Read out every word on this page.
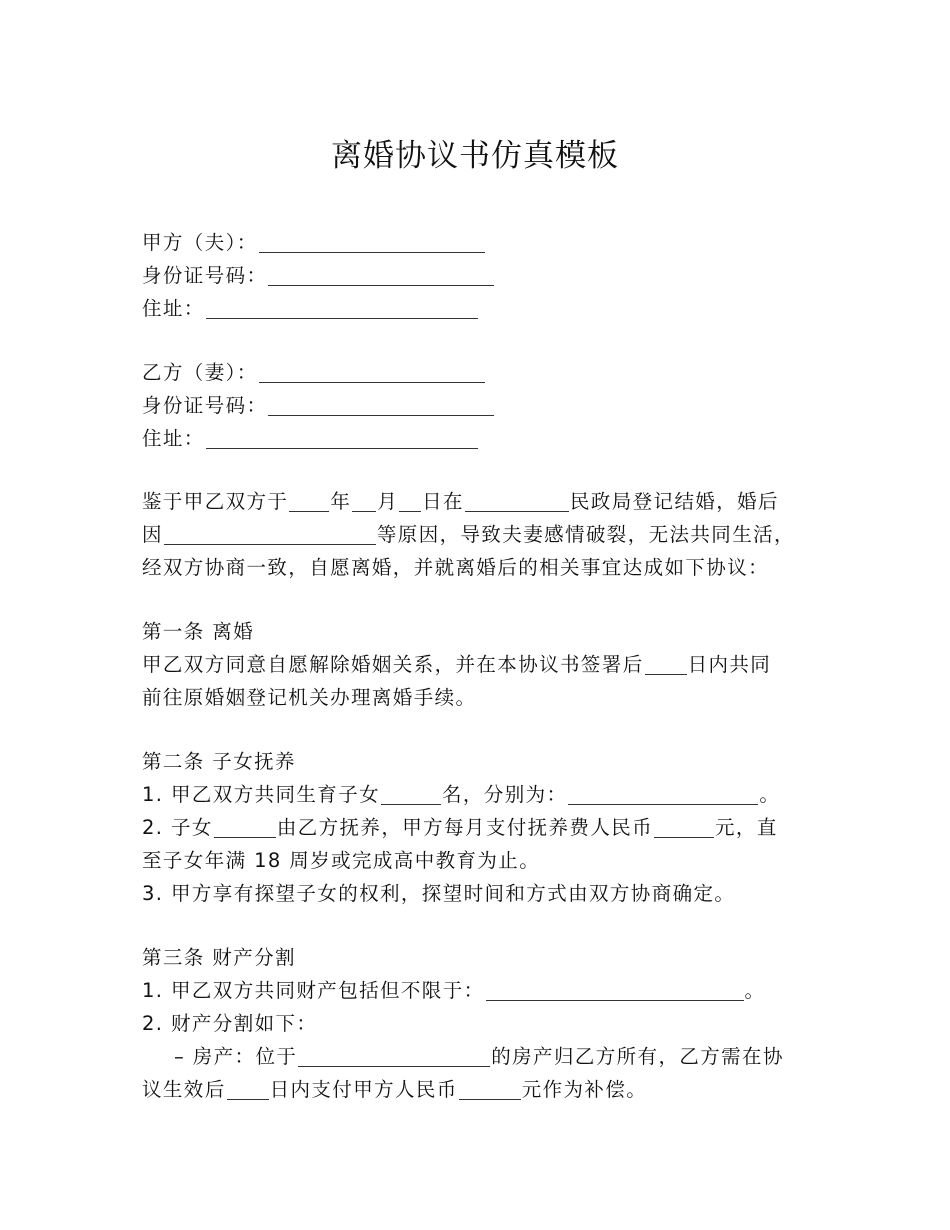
离婚协议书仿真模板
甲方（夫）：
身份证号码：
住址：
乙方（妻）：
身份证号码：
住址：
鉴于甲乙双方于 年 月 日在	民政局登记结婚，婚后
因	等原因，导致夫妻感情破裂，无法共同生活，
经双方协商一致，自愿离婚，并就离婚后的相关事宜达成如下协议：
第一条 离婚
甲乙双方同意自愿解除婚姻关系，并在本协议书签署后 日内共同
前往原婚姻登记机关办理离婚手续。
第二条 子女抚养
1. 甲乙双方共同生育子女	名，分别为：	。
2. 子女	由乙方抚养，甲方每月支付抚养费人民币	元，直
至子女年满 18 周岁或完成高中教育为止。
3. 甲方享有探望子女的权利，探望时间和方式由双方协商确定。
第三条 财产分割
1. 甲乙双方共同财产包括但不限于：	。
2. 财产分割如下：
– 房产：位于	的房产归乙方所有，乙方需在协
议生效后 日内支付甲方人民币	元作为补偿。
